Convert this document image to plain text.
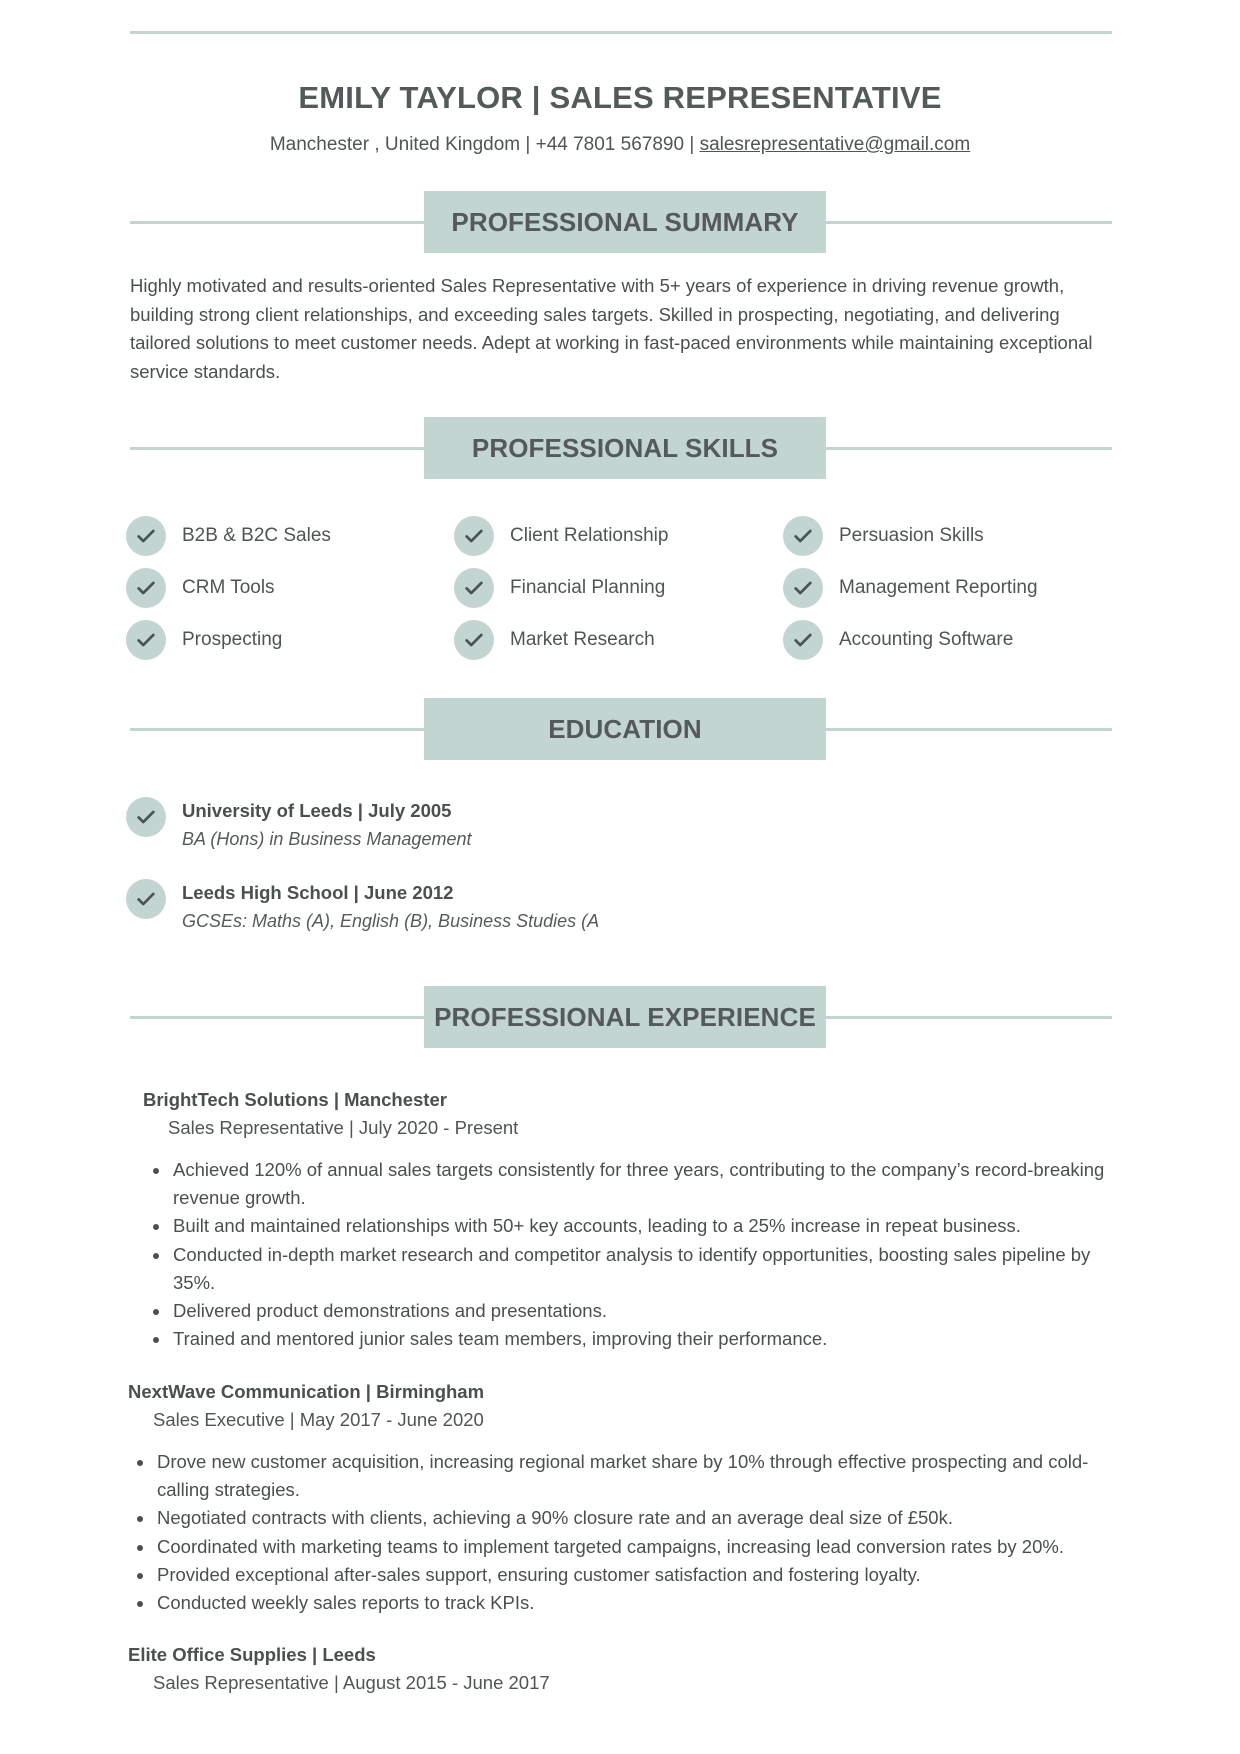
EMILY TAYLOR | SALES REPRESENTATIVE
Manchester , United Kingdom | +44 7801 567890 | salesrepresentative@gmail.com
PROFESSIONAL SUMMARY

Highly motivated and results-oriented Sales Representative with 5+ years of experience in driving revenue growth, building strong client relationships, and exceeding sales targets. Skilled in prospecting, negotiating, and delivering tailored solutions to meet customer needs. Adept at working in fast-paced environments while maintaining exceptional service standards.

PROFESSIONAL SKILLS
B2B & B2C Sales	Client Relationship	Persuasion Skills
CRM Tools	Financial Planning	Management Reporting
Prospecting	Market Research	Accounting Software
EDUCATION
University of Leeds | July 2005
BA (Hons) in Business Management
Leeds High School | June 2012
GCSEs: Maths (A), English (B), Business Studies (A
PROFESSIONAL EXPERIENCE
BrightTech Solutions | Manchester
Sales Representative | July 2020 - Present
Achieved 120% of annual sales targets consistently for three years, contributing to the company’s record-breaking revenue growth.
Built and maintained relationships with 50+ key accounts, leading to a 25% increase in repeat business.
Conducted in-depth market research and competitor analysis to identify opportunities, boosting sales pipeline by 35%.
Delivered product demonstrations and presentations.
Trained and mentored junior sales team members, improving their performance.
NextWave Communication | Birmingham
Sales Executive | May 2017 - June 2020
Drove new customer acquisition, increasing regional market share by 10% through effective prospecting and cold-calling strategies.
Negotiated contracts with clients, achieving a 90% closure rate and an average deal size of £50k.
Coordinated with marketing teams to implement targeted campaigns, increasing lead conversion rates by 20%.
Provided exceptional after-sales support, ensuring customer satisfaction and fostering loyalty.
Conducted weekly sales reports to track KPIs.
Elite Office Supplies | Leeds
Sales Representative | August 2015 - June 2017
